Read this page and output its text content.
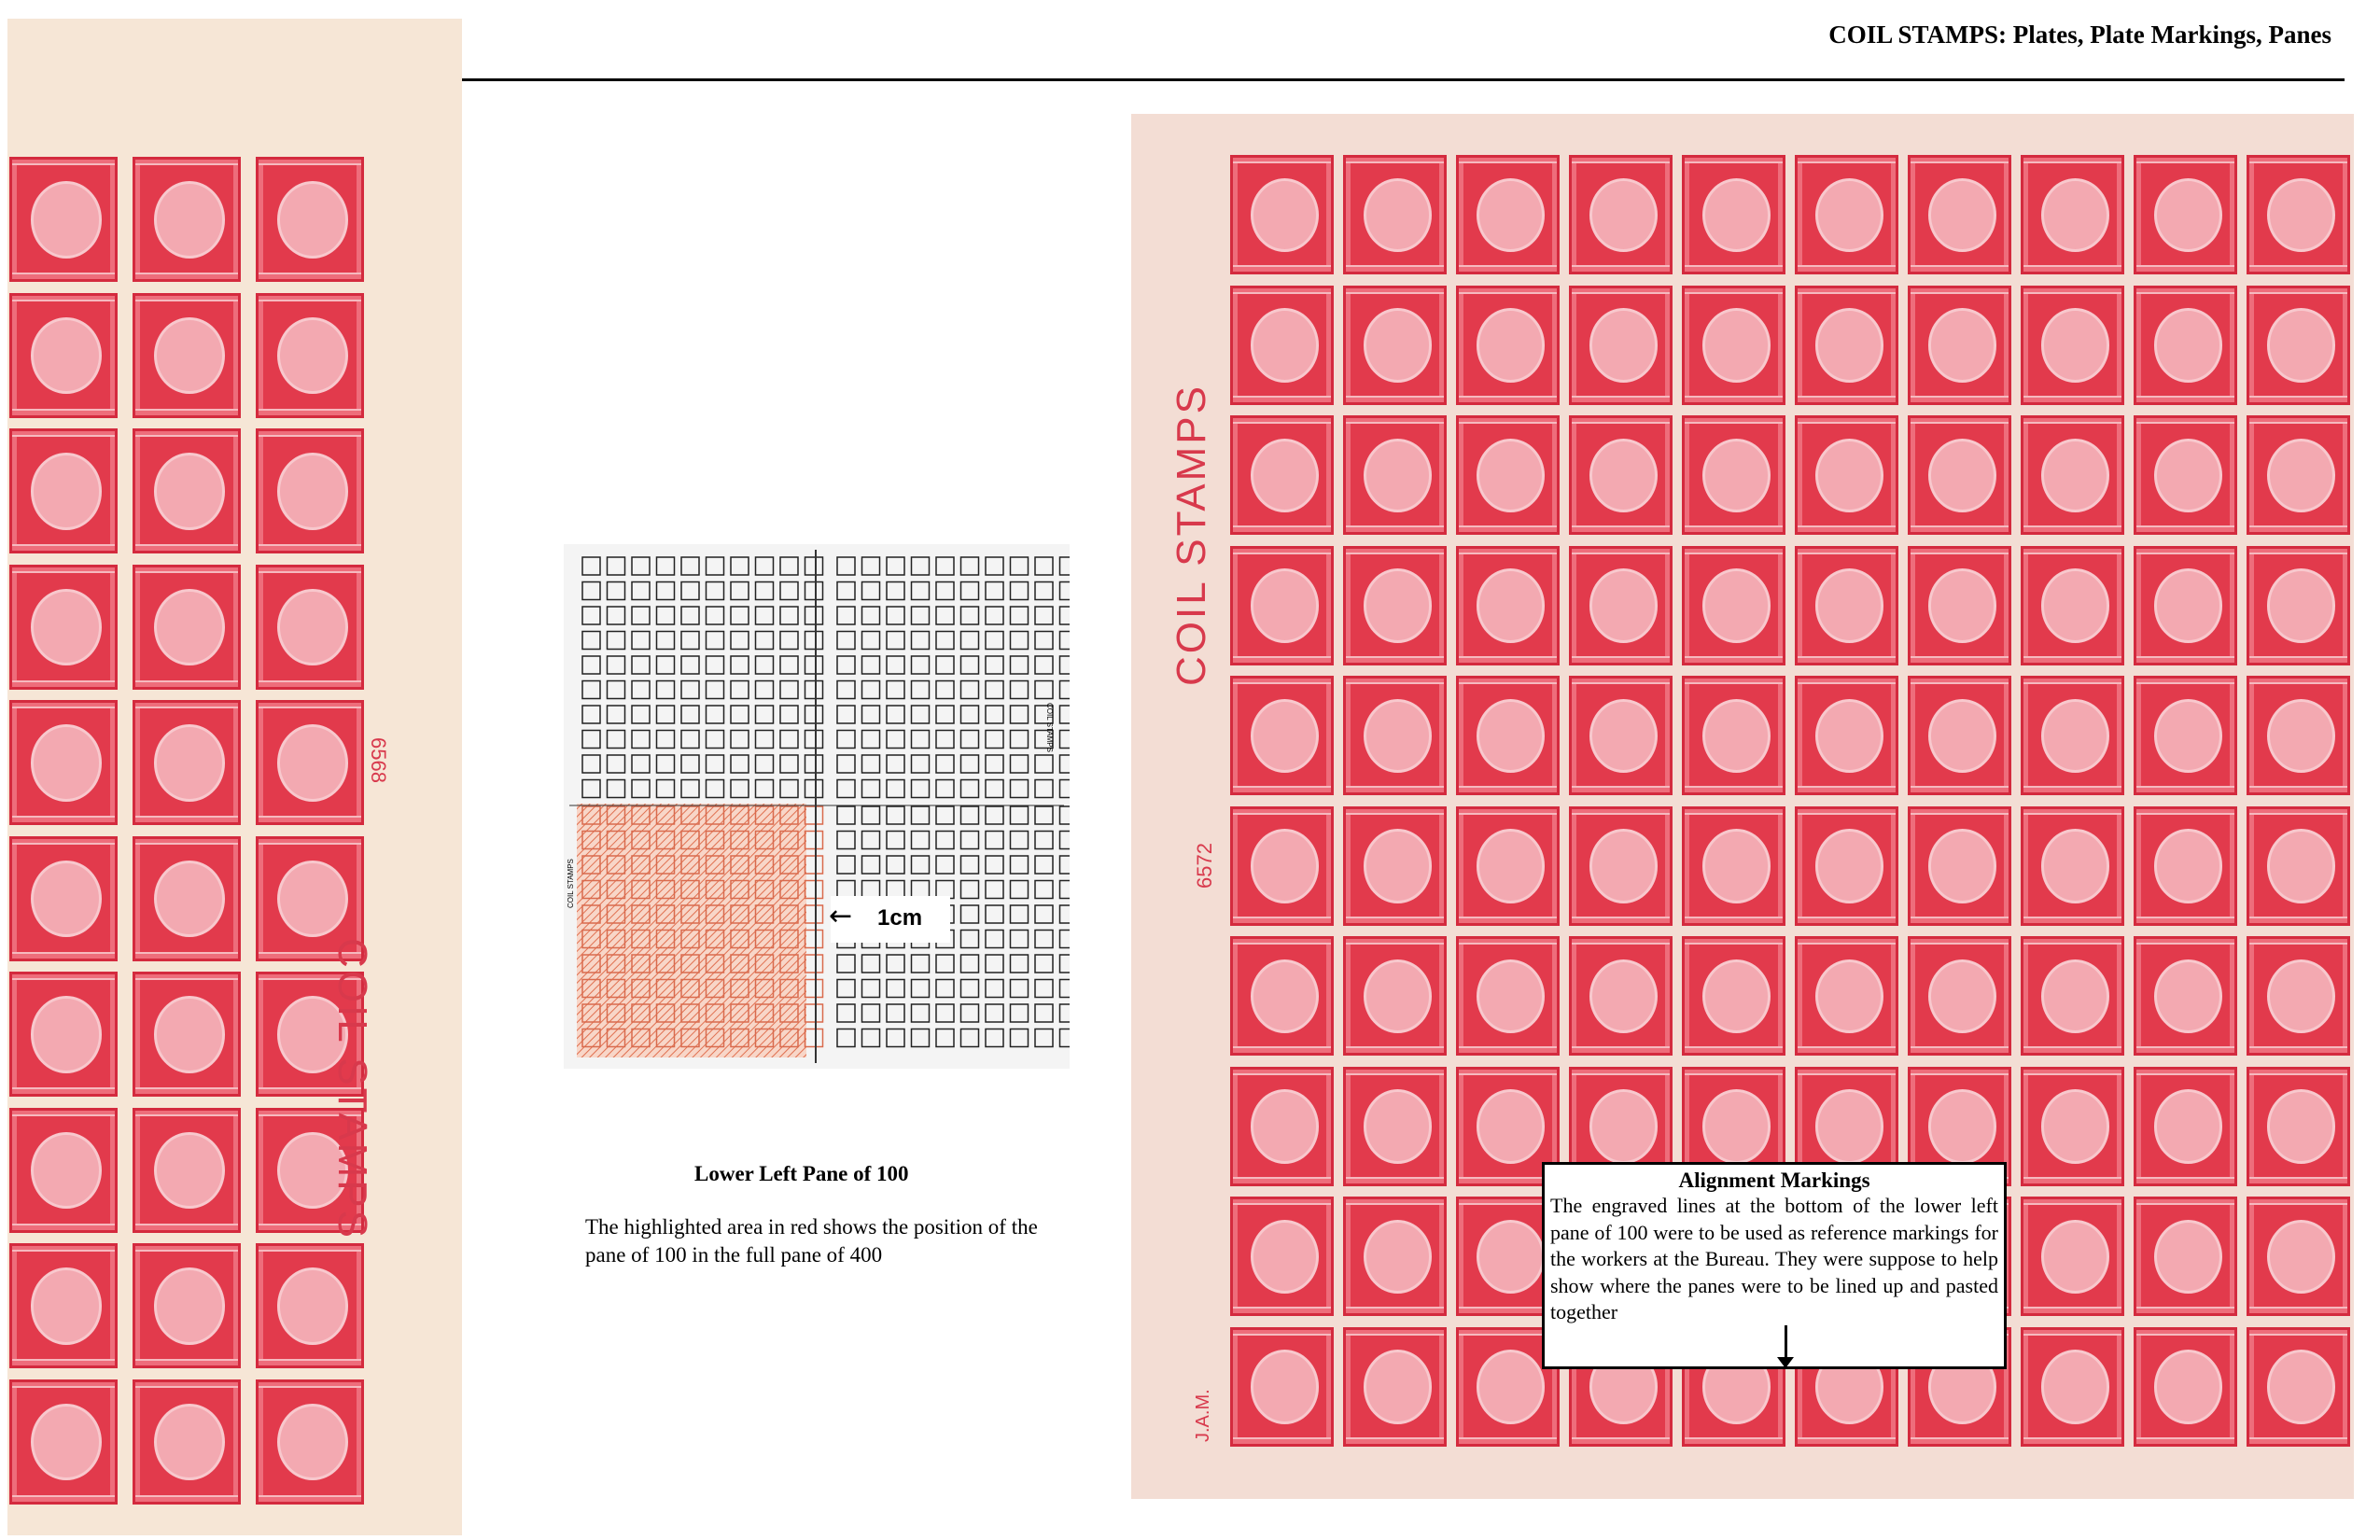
COIL STAMPS: Plates, Plate Markings, Panes
COIL STAMPS
6568
COIL STAMPS
COIL STAMPS
← 1cm
Lower Left Pane of 100
The highlighted area in red shows the position of the pane of 100 in the full pane of 400
COIL STAMPS
6572
J.A.M.
Alignment Markings
The engraved lines at the bottom of the lower left pane of 100 were to be used as reference markings for the workers at the Bureau. They were suppose to help show where the panes were to be lined up and pasted together
